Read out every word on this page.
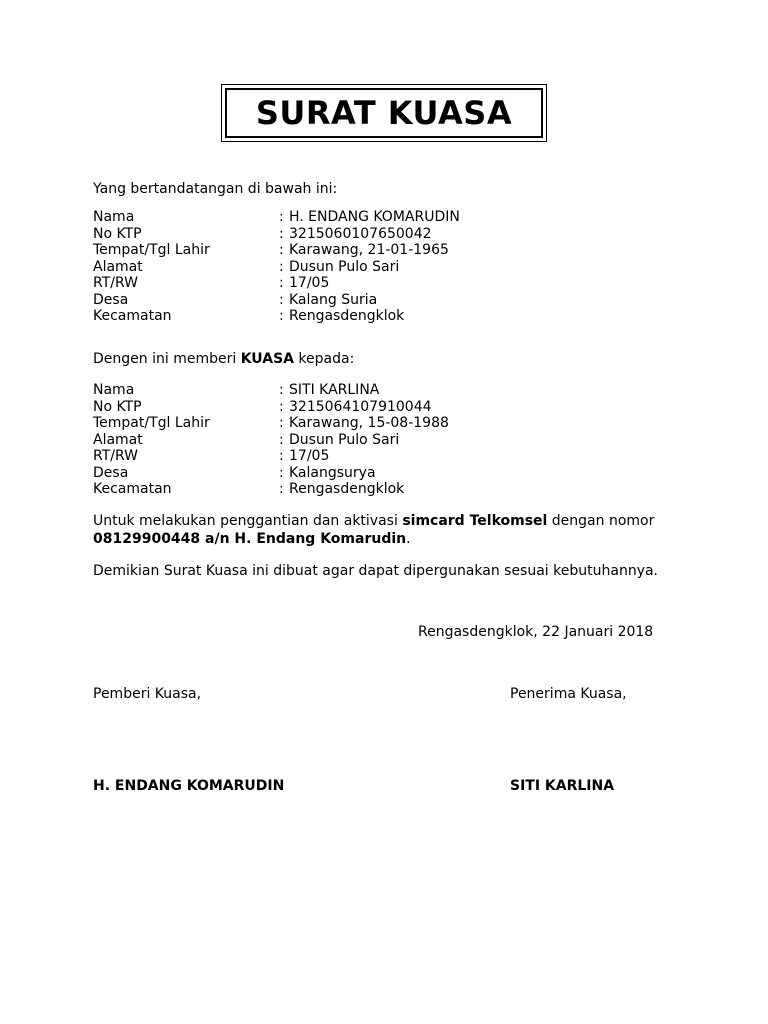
SURAT KUASA
Yang bertandatangan di bawah ini:
Nama	: H. ENDANG KOMARUDIN
No KTP	: 3215060107650042
Tempat/Tgl Lahir	: Karawang, 21-01-1965
Alamat	: Dusun Pulo Sari
RT/RW	: 17/05
Desa	: Kalang Suria
Kecamatan	: Rengasdengklok
Dengen ini memberi KUASA kepada:
Nama	: SITI KARLINA
No KTP	: 3215064107910044
Tempat/Tgl Lahir	: Karawang, 15-08-1988
Alamat	: Dusun Pulo Sari
RT/RW	: 17/05
Desa	: Kalangsurya
Kecamatan	: Rengasdengklok
Untuk melakukan penggantian dan aktivasi simcard Telkomsel dengan nomor
08129900448 a/n H. Endang Komarudin.
Demikian Surat Kuasa ini dibuat agar dapat dipergunakan sesuai kebutuhannya.
Rengasdengklok, 22 Januari 2018
Pemberi Kuasa,	Penerima Kuasa,
H. ENDANG KOMARUDIN	SITI KARLINA
